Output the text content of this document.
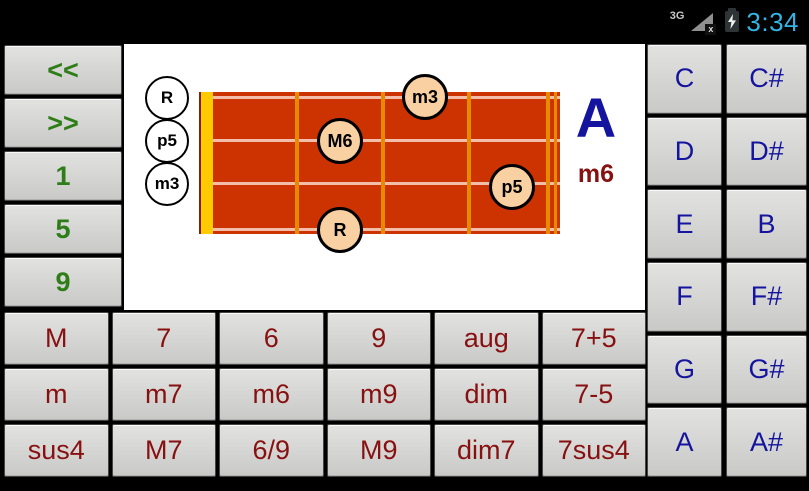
3G
x 3:34
<<
>>
1
5
9
R
p5
m3
m3
M6
p5
R
A
m6
C	C#
D	D#
E	B
F	F#
G	G#
A	A#
M	7	6	9	aug	7+5
m	m7	m6	m9	dim	7-5
sus4	M7	6/9	M9	dim7	7sus4
